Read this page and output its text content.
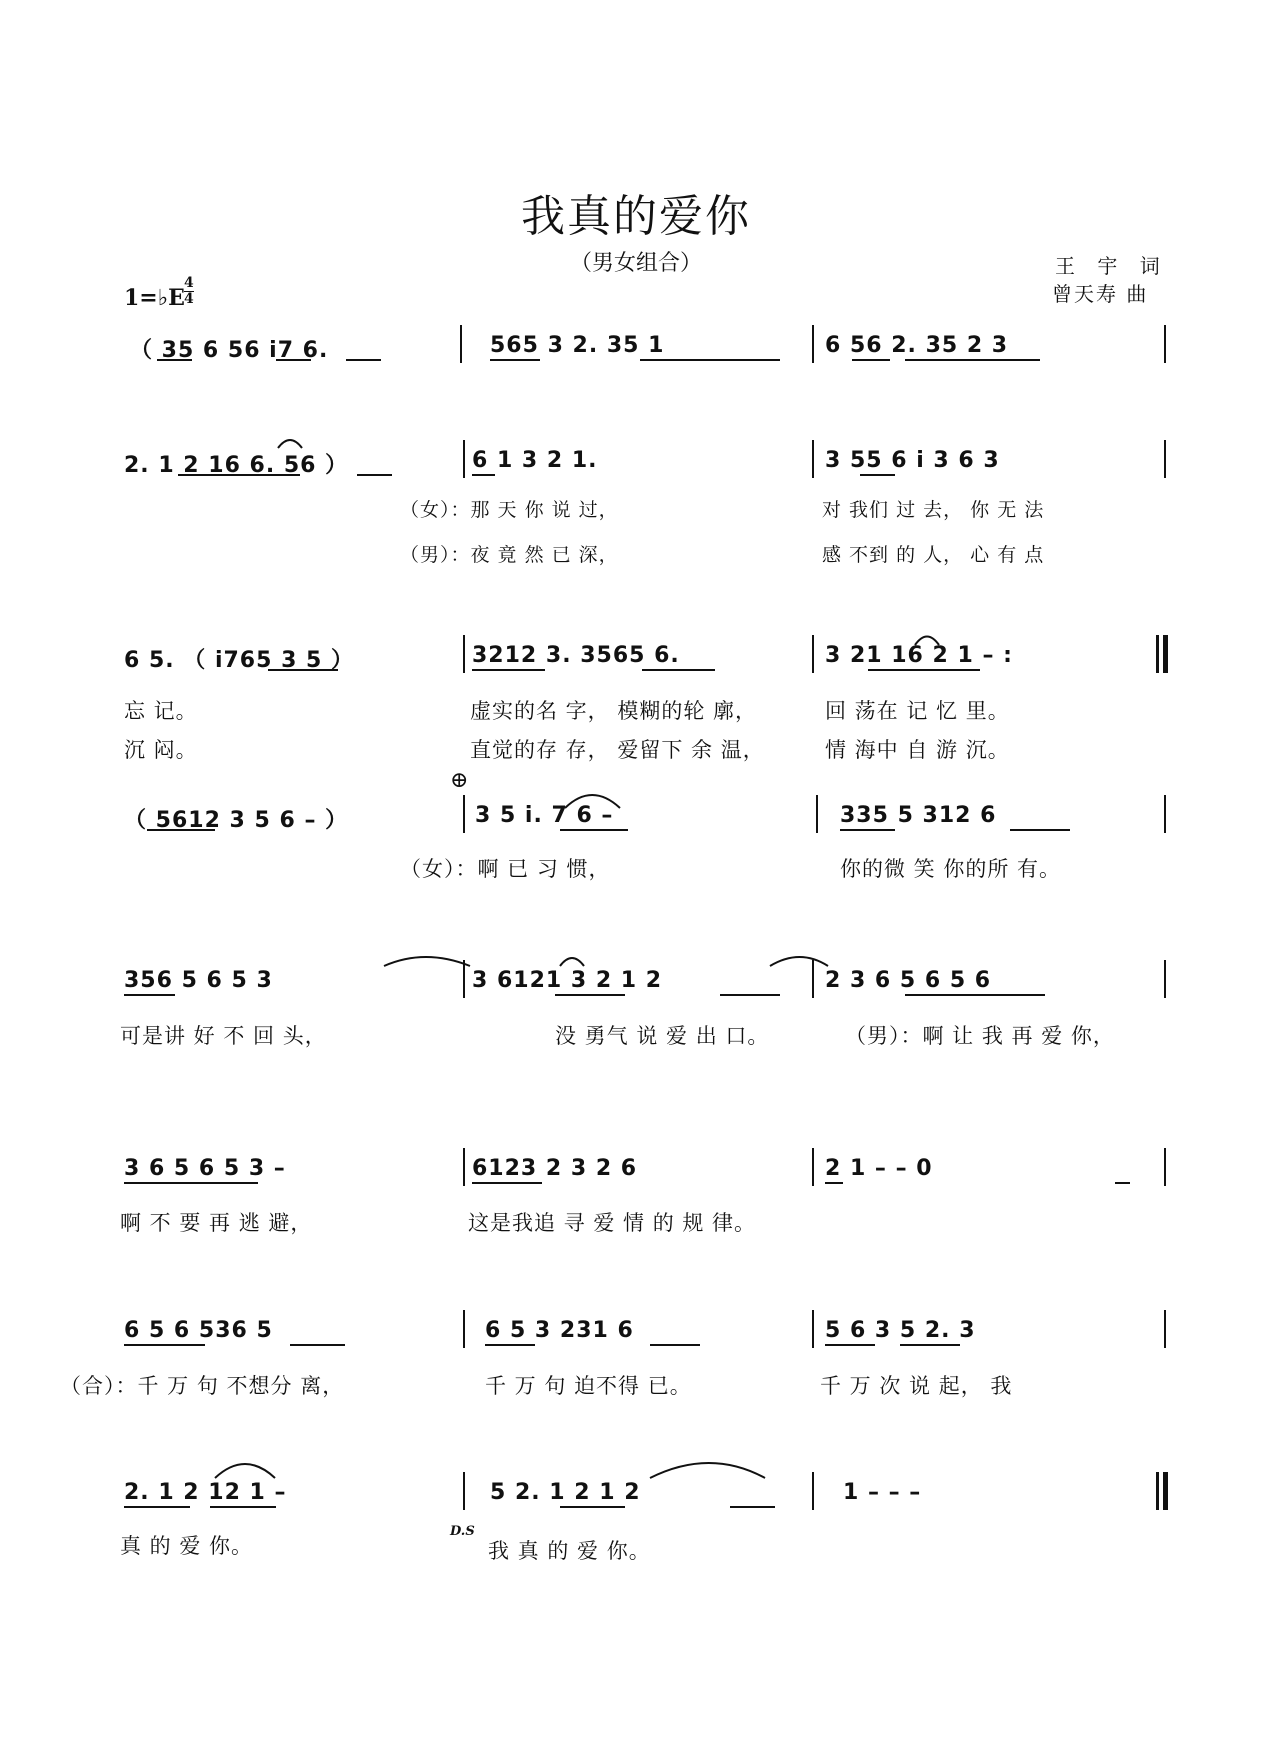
我真的爱你
（男女组合）	王 宇 词
曾天寿 曲
1=♭E $\frac{4}{4}$
（ 35 6 56 i7 6.	565 3 2. 35 1	6 56 2. 35 2 3
2. 1 2 16 6. 56 ）	6 1 3 2 1.	3 55 6 i 3 6 3
（女）：那 天 你 说 过，	对 我们 过 去， 你 无 法
（男）：夜 竟 然 已 深，	感 不到 的 人， 心 有 点
6 5. （ i765 3 5 ）	3212 3. 3565 6.	3 21 16 2 1 – :
忘 记。	虚实的名 字， 模糊的轮 廓，	回 荡在 记 忆 里。
沉 闷。	直觉的存 存， 爱留下 余 温，	情 海中 自 游 沉。
⊕
（ 5612 3 5 6 – ）	3 5 i. 7 6 –	335 5 312 6
（女）：啊 已 习 惯，	你的微 笑 你的所 有。
356 5 6 5 3	3 6121 3 2 1 2	2 3 6 5 6 5 6
可是讲 好 不 回 头，	没 勇气 说 爱 出 口。	（男）：啊 让 我 再 爱 你，
3 6 5 6 5 3 –	6123 2 3 2 6	2 1 – – 0
啊 不 要 再 逃 避，	这是我追 寻 爱 情 的 规 律。
6 5 6 536 5	6 5 3 231 6	5 6 3 5 2. 3
（合）：千 万 句 不想分 离，	千 万 句 迫不得 已。	千 万 次 说 起， 我
2. 1 2 12 1 –	5 2. 1 2 1 2	1 – – –
真 的 爱 你。
D.S
我 真 的 爱 你。
